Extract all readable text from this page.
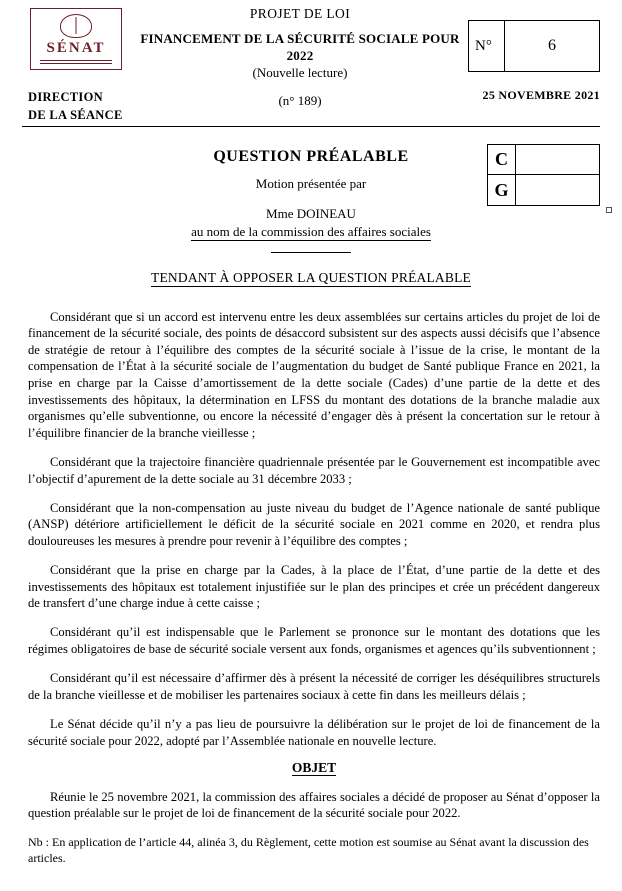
SÉNAT
DIRECTION
DE LA SÉANCE
PROJET DE LOI
FINANCEMENT DE LA SÉCURITÉ SOCIALE POUR 2022
(Nouvelle lecture)
(n° 189)
N°	6
25 NOVEMBRE 2021
QUESTION PRÉALABLE
Motion présentée par
Mme DOINEAU
au nom de la commission des affaires sociales
C
G
TENDANT À OPPOSER LA QUESTION PRÉALABLE

Considérant que si un accord est intervenu entre les deux assemblées sur certains articles du projet de loi de financement de la sécurité sociale, des points de désaccord subsistent sur des aspects aussi décisifs que l’absence de stratégie de retour à l’équilibre des comptes de la sécurité sociale à l’issue de la crise, le montant de la compensation de l’État à la sécurité sociale de l’augmentation du budget de Santé publique France en 2021, la prise en charge par la Caisse d’amortissement de la dette sociale (Cades) d’une partie de la dette et des investissements des hôpitaux, la détermination en LFSS du montant des dotations de la branche maladie aux organismes qu’elle subventionne, ou encore la nécessité d’engager dès à présent la concertation sur le retour à l’équilibre financier de la branche vieillesse ;

Considérant que la trajectoire financière quadriennale présentée par le Gouvernement est incompatible avec l’objectif d’apurement de la dette sociale au 31 décembre 2033 ;

Considérant que la non-compensation au juste niveau du budget de l’Agence nationale de santé publique (ANSP) détériore artificiellement le déficit de la sécurité sociale en 2021 comme en 2020, et rendra plus douloureuses les mesures à prendre pour revenir à l’équilibre des comptes ;

Considérant que la prise en charge par la Cades, à la place de l’État, d’une partie de la dette et des investissements des hôpitaux est totalement injustifiée sur le plan des principes et crée un précédent dangereux de transfert d’une charge indue à cette caisse ;

Considérant qu’il est indispensable que le Parlement se prononce sur le montant des dotations que les régimes obligatoires de base de sécurité sociale versent aux fonds, organismes et agences qu’ils subventionnent ;

Considérant qu’il est nécessaire d’affirmer dès à présent la nécessité de corriger les déséquilibres structurels de la branche vieillesse et de mobiliser les partenaires sociaux à cette fin dans les meilleurs délais ;

Le Sénat décide qu’il n’y a pas lieu de poursuivre la délibération sur le projet de loi de financement de la sécurité sociale pour 2022, adopté par l’Assemblée nationale en nouvelle lecture.

OBJET

Réunie le 25 novembre 2021, la commission des affaires sociales a décidé de proposer au Sénat d’opposer la question préalable sur le projet de loi de financement de la sécurité sociale pour 2022.

Nb : En application de l’article 44, alinéa 3, du Règlement, cette motion est soumise au Sénat avant la discussion des articles.
